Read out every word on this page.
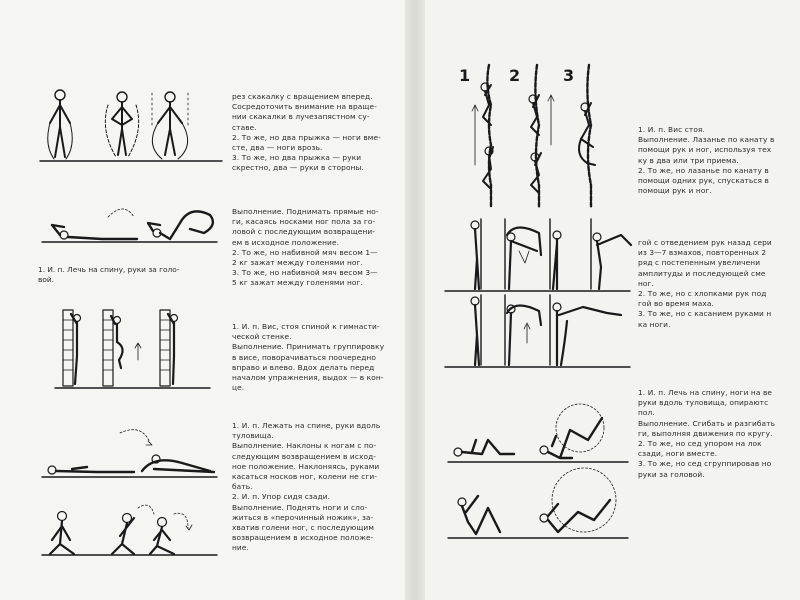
1. И. п. Лечь на спину, руки за голо-
вой.
рез скакалку с вращением вперед.
Сосредоточить внимание на враще-
нии скакалки в лучезапястном су-
ставе.
2. То же, но два прыжка — ноги вме-
сте, два — ноги врозь.
3. То же, но два прыжка — руки
скрестно, два — руки в стороны.
Выполнение. Поднимать прямые но-
ги, касаясь носками ног пола за го-
ловой с последующим возвращени-
ем в исходное положение.
2. То же, но набивной мяч весом 1—
2 кг зажат между голенями ног.
3. То же, но набивной мяч весом 3—
5 кг зажат между голенями ног.
1. И. п. Вис, стоя спиной к гимнасти-
ческой стенке.
Выполнение. Принимать группировку
в висе, поворачиваться поочередно
вправо и влево. Вдох делать перед
началом упражнения, выдох — в кон-
це.
1. И. п. Лежать на спине, руки вдоль
туловища.
Выполнение. Наклоны к ногам с по-
следующим возвращением в исход-
ное положение. Наклоняясь, руками
касаться носков ног, колени не сги-
бать.
2. И. п. Упор сидя сзади.
Выполнение. Поднять ноги и сло-
житься в «перочинный ножик», за-
хватив голени ног, с последующим
возвращением в исходное положе-
ние.
1 2	3
1. И. п. Вис стоя.
Выполнение. Лазанье по канату в
помощи рук и ног, используя тех
ку в два или три приема.
2. То же, но лазанье по канату в
помощи одних рук, спускаться в
помощи рук и ног.
гой с отведением рук назад сери
из 3—7 взмахов, повторенных 2
ряд с постепенным увеличени
амплитуды и последующей сме
ног.
2. То же, но с хлопками рук под
гой во время маха.
3. То же, но с касанием руками н
ка ноги.
1. И. п. Лечь на спину, ноги на ве
руки вдоль туловища, опираютс
пол.
Выполнение. Сгибать и разгибать
ги, выполняя движения по кругу.
2. То же, но сед упором на лок
сзади, ноги вместе.
3. То же, но сед сгруппировав но
руки за головой.
